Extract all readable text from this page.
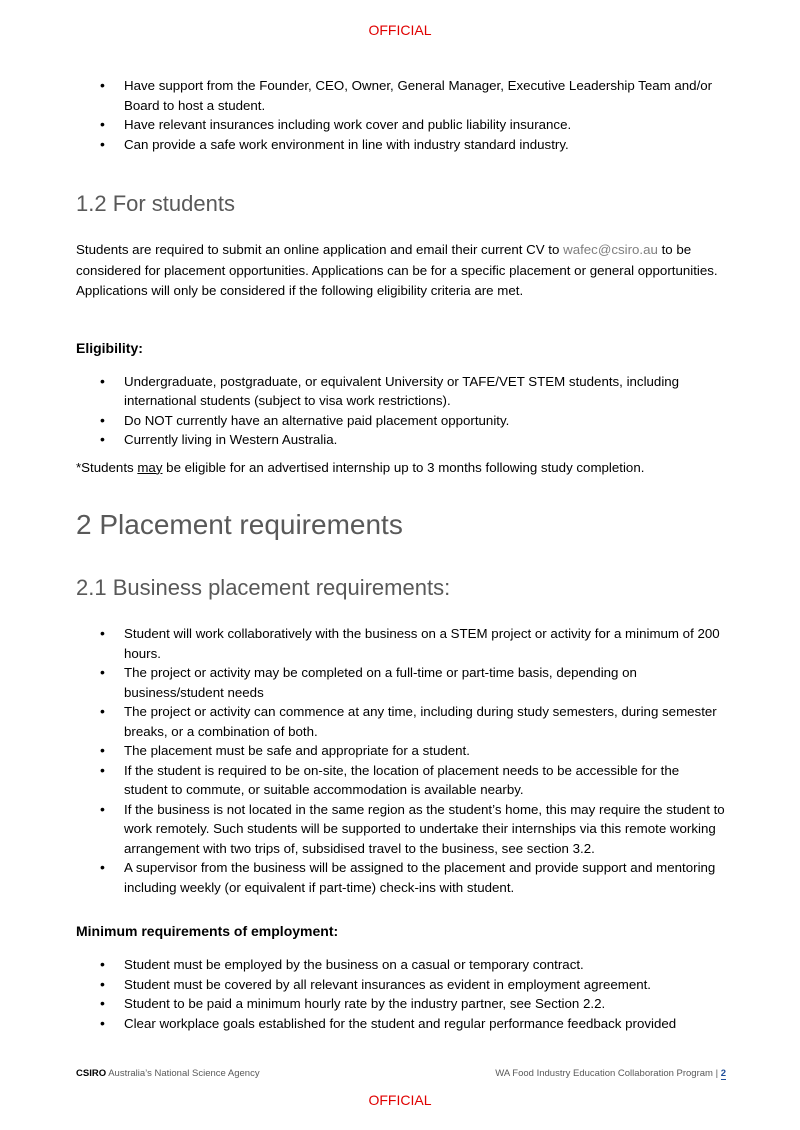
OFFICIAL
• Have support from the Founder, CEO, Owner, General Manager, Executive Leadership Team and/or Board to host a student.
• Have relevant insurances including work cover and public liability insurance.
• Can provide a safe work environment in line with industry standard industry.
1.2 For students

Students are required to submit an online application and email their current CV to wafec@csiro.au to be considered for placement opportunities. Applications can be for a specific placement or general opportunities. Applications will only be considered if the following eligibility criteria are met.

Eligibility:
• Undergraduate, postgraduate, or equivalent University or TAFE/VET STEM students, including international students (subject to visa work restrictions).
• Do NOT currently have an alternative paid placement opportunity.
• Currently living in Western Australia.

*Students may be eligible for an advertised internship up to 3 months following study completion.

2 Placement requirements
2.1 Business placement requirements:
• Student will work collaboratively with the business on a STEM project or activity for a minimum of 200 hours.
• The project or activity may be completed on a full-time or part-time basis, depending on business/student needs
• The project or activity can commence at any time, including during study semesters, during semester breaks, or a combination of both.
• The placement must be safe and appropriate for a student.
• If the student is required to be on-site, the location of placement needs to be accessible for the student to commute, or suitable accommodation is available nearby.
• If the business is not located in the same region as the student’s home, this may require the student to work remotely. Such students will be supported to undertake their internships via this remote working arrangement with two trips of, subsidised travel to the business, see section 3.2.
• A supervisor from the business will be assigned to the placement and provide support and mentoring including weekly (or equivalent if part-time) check-ins with student.
Minimum requirements of employment:
• Student must be employed by the business on a casual or temporary contract.
• Student must be covered by all relevant insurances as evident in employment agreement.
• Student to be paid a minimum hourly rate by the industry partner, see Section 2.2.
• Clear workplace goals established for the student and regular performance feedback provided
CSIRO Australia’s National Science Agency	WA Food Industry Education Collaboration Program | 2
OFFICIAL
